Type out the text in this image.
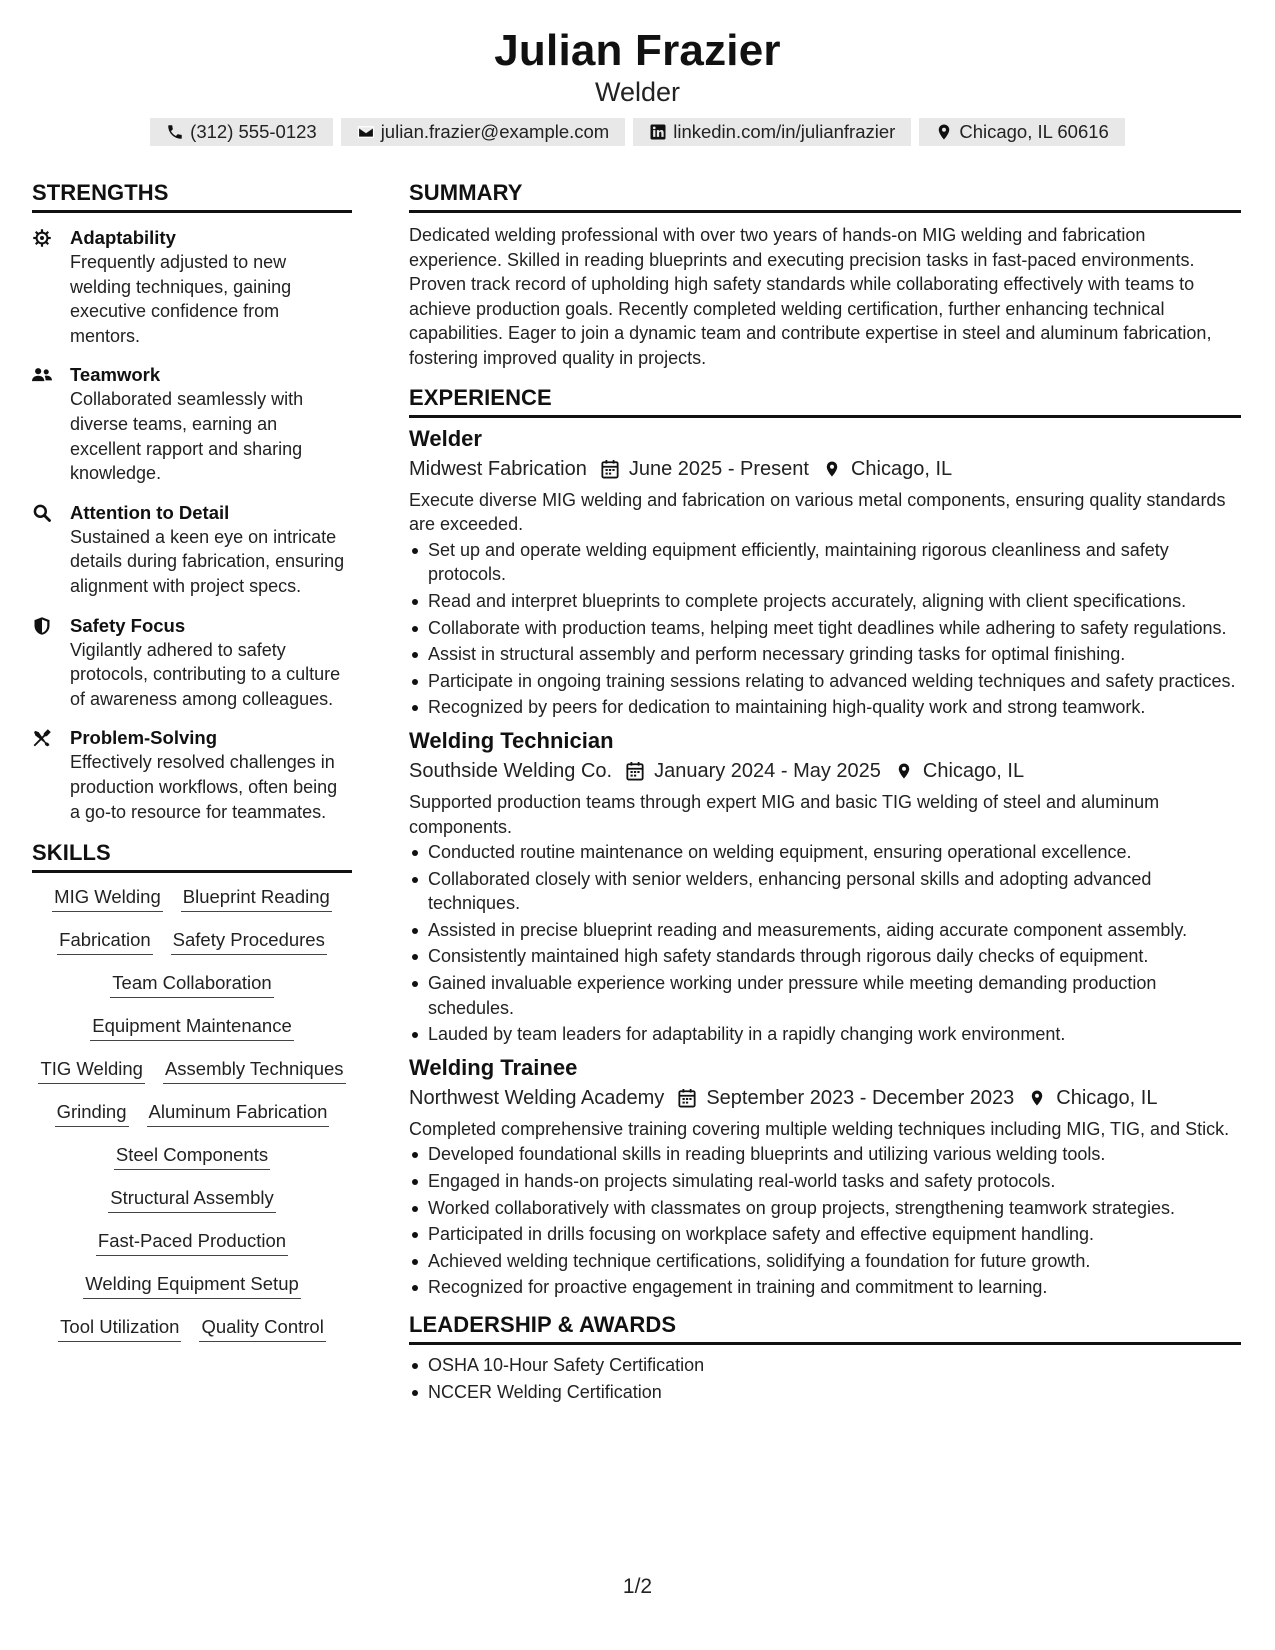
Julian Frazier
Welder
(312) 555-0123	julian.frazier@example.com	linkedin.com/in/julianfrazier	Chicago, IL 60616
STRENGTHS
Adaptability
Frequently adjusted to new welding techniques, gaining executive confidence from mentors.
Teamwork
Collaborated seamlessly with diverse teams, earning an excellent rapport and sharing knowledge.
Attention to Detail
Sustained a keen eye on intricate details during fabrication, ensuring alignment with project specs.
Safety Focus
Vigilantly adhered to safety protocols, contributing to a culture of awareness among colleagues.
Problem-Solving
Effectively resolved challenges in production workflows, often being a go-to resource for teammates.
SKILLS
MIG Welding Blueprint Reading
Fabrication Safety Procedures
Team Collaboration
Equipment Maintenance
TIG Welding Assembly Techniques
Grinding Aluminum Fabrication
Steel Components
Structural Assembly
Fast-Paced Production
Welding Equipment Setup
Tool Utilization Quality Control
SUMMARY
Dedicated welding professional with over two years of hands-on MIG welding and fabrication experience. Skilled in reading blueprints and executing precision tasks in fast-paced environments. Proven track record of upholding high safety standards while collaborating effectively with teams to achieve production goals. Recently completed welding certification, further enhancing technical capabilities. Eager to join a dynamic team and contribute expertise in steel and aluminum fabrication, fostering improved quality in projects.
EXPERIENCE
Welder
Midwest Fabrication June 2025 - Present Chicago, IL
Execute diverse MIG welding and fabrication on various metal components, ensuring quality standards are exceeded.
Set up and operate welding equipment efficiently, maintaining rigorous cleanliness and safety protocols.
Read and interpret blueprints to complete projects accurately, aligning with client specifications.
Collaborate with production teams, helping meet tight deadlines while adhering to safety regulations.
Assist in structural assembly and perform necessary grinding tasks for optimal finishing.
Participate in ongoing training sessions relating to advanced welding techniques and safety practices.
Recognized by peers for dedication to maintaining high-quality work and strong teamwork.
Welding Technician
Southside Welding Co. January 2024 - May 2025 Chicago, IL
Supported production teams through expert MIG and basic TIG welding of steel and aluminum components.
Conducted routine maintenance on welding equipment, ensuring operational excellence.
Collaborated closely with senior welders, enhancing personal skills and adopting advanced techniques.
Assisted in precise blueprint reading and measurements, aiding accurate component assembly.
Consistently maintained high safety standards through rigorous daily checks of equipment.
Gained invaluable experience working under pressure while meeting demanding production schedules.
Lauded by team leaders for adaptability in a rapidly changing work environment.
Welding Trainee
Northwest Welding Academy September 2023 - December 2023 Chicago, IL
Completed comprehensive training covering multiple welding techniques including MIG, TIG, and Stick.
Developed foundational skills in reading blueprints and utilizing various welding tools.
Engaged in hands-on projects simulating real-world tasks and safety protocols.
Worked collaboratively with classmates on group projects, strengthening teamwork strategies.
Participated in drills focusing on workplace safety and effective equipment handling.
Achieved welding technique certifications, solidifying a foundation for future growth.
Recognized for proactive engagement in training and commitment to learning.
LEADERSHIP & AWARDS
OSHA 10-Hour Safety Certification
NCCER Welding Certification
1/2
